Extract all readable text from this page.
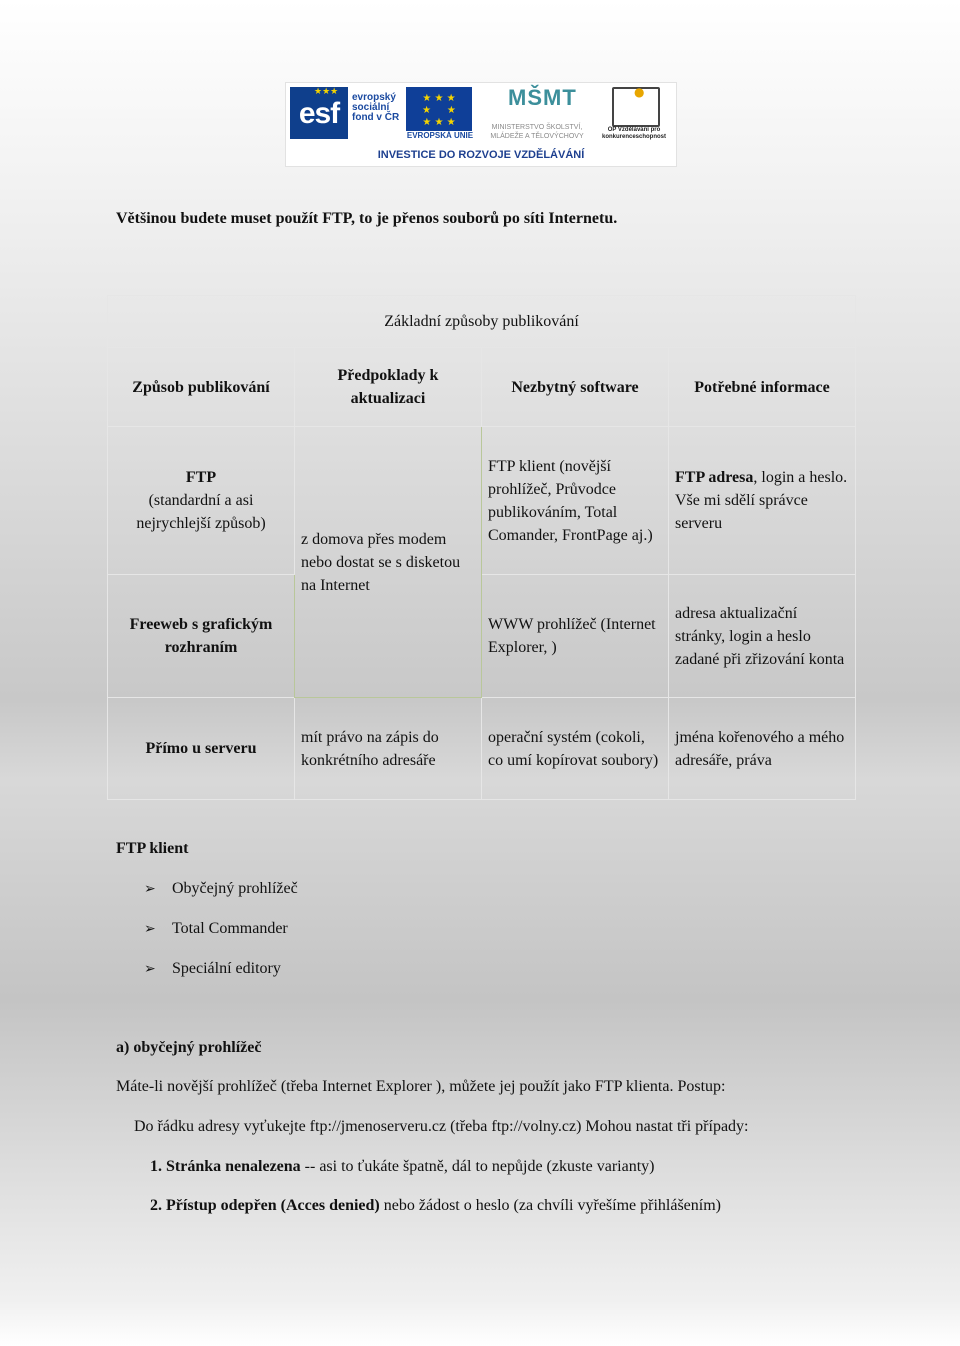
esf
★★★ evropský sociální fond v ČR
★ ★ ★
★     ★
★ ★ ★
EVROPSKÁ UNIE
MŠMT
MINISTERSTVO ŠKOLSTVÍ, MLÁDEŽE A TĚLOVÝCHOVY
●
OP Vzdělávání pro konkurenceschopnost
INVESTICE DO ROZVOJE VZDĚLÁVÁNÍ
Většinou budete muset použít FTP, to je přenos souborů po síti Internetu.
Základní způsoby publikování			
Způsob publikování	Předpoklady k aktualizaci	Nezbytný software	Potřebné informace

FTP
(standardní a asi nejrychlejší způsob)	z domova přes modem nebo dostat se s disketou na Internet	FTP klient (novější prohlížeč, Průvodce publikováním, Total Comander, FrontPage aj.)	FTP adresa, login a heslo. Vše mi sdělí správce serveru
Freeweb s grafickým rozhraním		WWW prohlížeč (Internet Explorer, )	adresa aktualizační stránky, login a heslo zadané při zřizování konta
Přímo u serveru	mít právo na zápis do konkrétního adresáře	operační systém (cokoli, co umí kopírovat soubory)	jména kořenového a mého adresáře, práva
FTP klient
➢	Obyčejný prohlížeč
➢	Total Commander
➢	Speciální editory
a) obyčejný prohlížeč
Máte-li novější prohlížeč (třeba Internet Explorer ), můžete jej použít jako FTP klienta. Postup:
Do řádku adresy vyťukejte ftp://jmenoserveru.cz (třeba ftp://volny.cz) Mohou nastat tři případy:
1. Stránka nenalezena -- asi to ťukáte špatně, dál to nepůjde (zkuste varianty)
2. Přístup odepřen (Acces denied) nebo žádost o heslo (za chvíli vyřešíme přihlášením)
